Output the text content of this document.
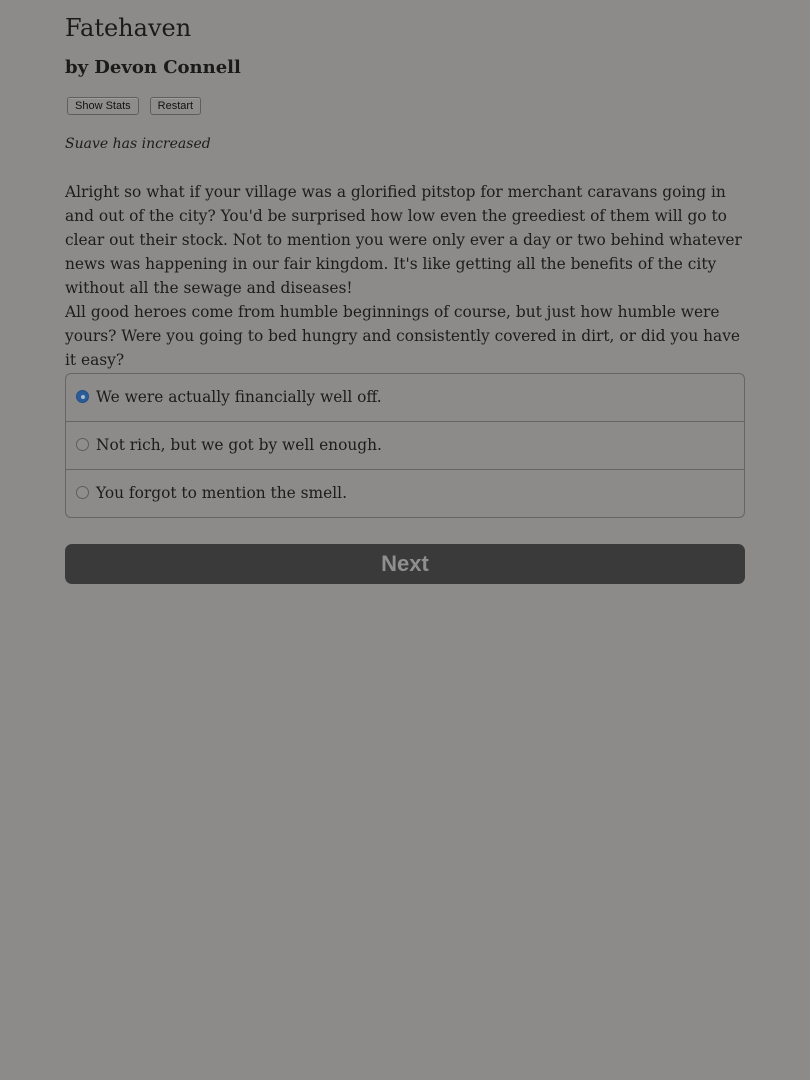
Fatehaven
by Devon Connell
Show Stats	Restart
Suave has increased

Alright so what if your village was a glorified pitstop for merchant caravans going in and out of the city? You'd be surprised how low even the greediest of them will go to clear out their stock. Not to mention you were only ever a day or two behind whatever news was happening in our fair kingdom. It's like getting all the benefits of the city without all the sewage and diseases!

All good heroes come from humble beginnings of course, but just how humble were yours? Were you going to bed hungry and consistently covered in dirt, or did you have it easy?

We were actually financially well off.
Not rich, but we got by well enough.
You forgot to mention the smell.
Next
